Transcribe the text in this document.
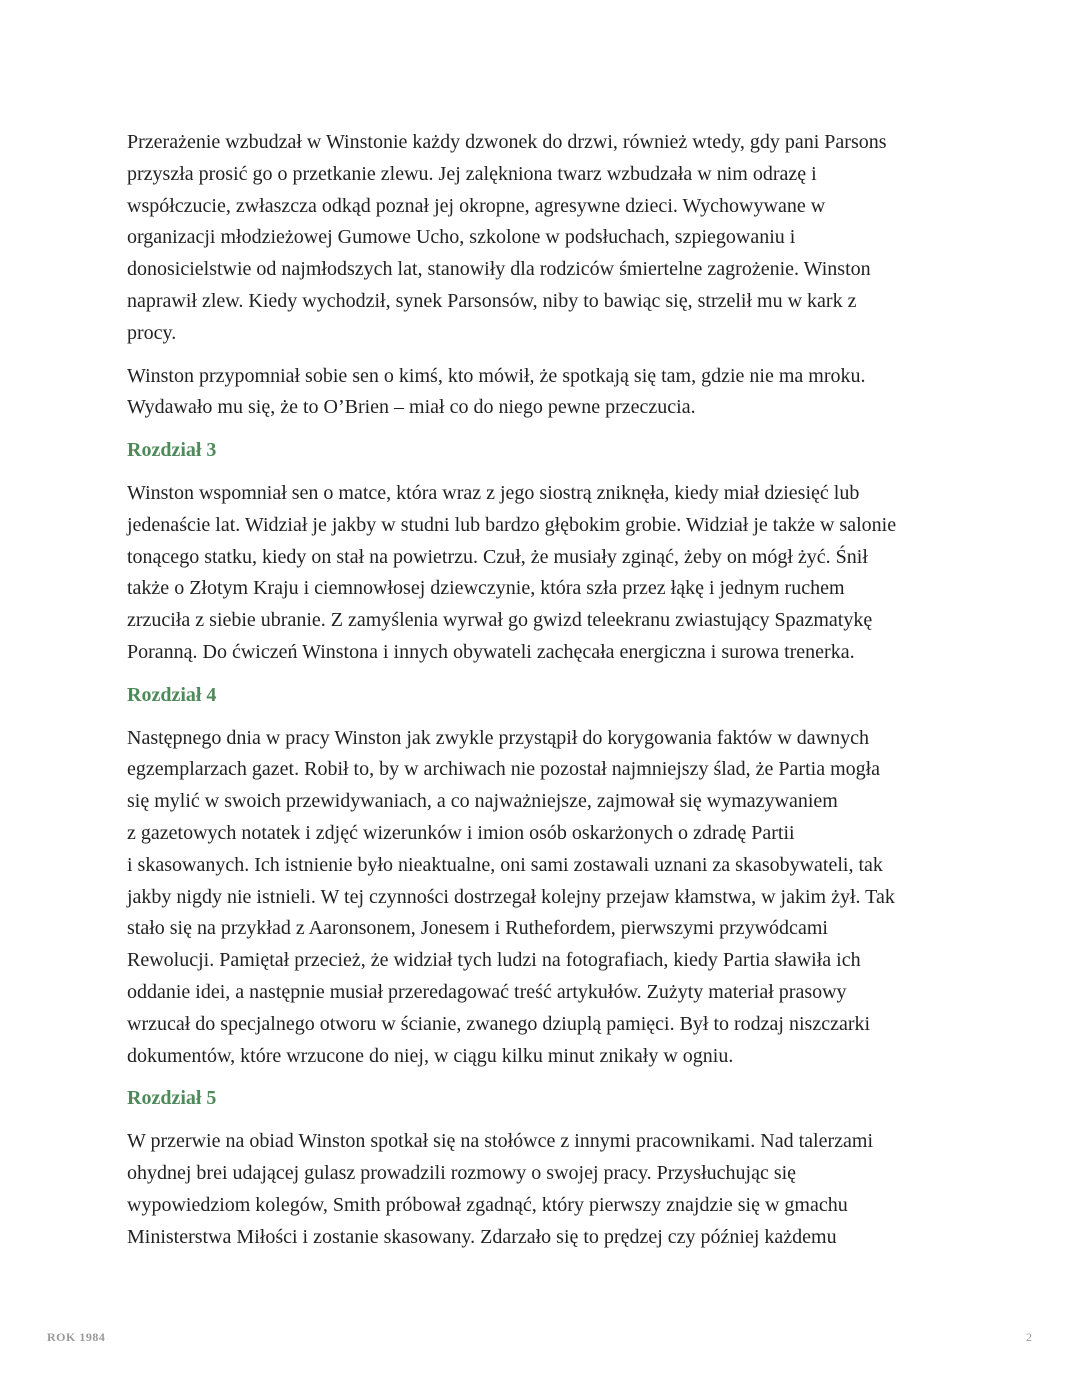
Przerażenie wzbudzał w Winstonie każdy dzwonek do drzwi, również wtedy, gdy pani Parsons
przyszła prosić go o przetkanie zlewu. Jej zalękniona twarz wzbudzała w nim odrazę i
współczucie, zwłaszcza odkąd poznał jej okropne, agresywne dzieci. Wychowywane w
organizacji młodzieżowej Gumowe Ucho, szkolone w podsłuchach, szpiegowaniu i
donosicielstwie od najmłodszych lat, stanowiły dla rodziców śmiertelne zagrożenie. Winston
naprawił zlew. Kiedy wychodził, synek Parsonsów, niby to bawiąc się, strzelił mu w kark z
procy.

Winston przypomniał sobie sen o kimś, kto mówił, że spotkają się tam, gdzie nie ma mroku.
Wydawało mu się, że to O’Brien – miał co do niego pewne przeczucia.

Rozdział 3

Winston wspomniał sen o matce, która wraz z jego siostrą zniknęła, kiedy miał dziesięć lub
jedenaście lat. Widział je jakby w studni lub bardzo głębokim grobie. Widział je także w salonie
tonącego statku, kiedy on stał na powietrzu. Czuł, że musiały zginąć, żeby on mógł żyć. Śnił
także o Złotym Kraju i ciemnowłosej dziewczynie, która szła przez łąkę i jednym ruchem
zrzuciła z siebie ubranie. Z zamyślenia wyrwał go gwizd teleekranu zwiastujący Spazmatykę
Poranną. Do ćwiczeń Winstona i innych obywateli zachęcała energiczna i surowa trenerka.

Rozdział 4

Następnego dnia w pracy Winston jak zwykle przystąpił do korygowania faktów w dawnych
egzemplarzach gazet. Robił to, by w archiwach nie pozostał najmniejszy ślad, że Partia mogła
się mylić w swoich przewidywaniach, a co najważniejsze, zajmował się wymazywaniem
z gazetowych notatek i zdjęć wizerunków i imion osób oskarżonych o zdradę Partii
i skasowanych. Ich istnienie było nieaktualne, oni sami zostawali uznani za skasobywateli, tak
jakby nigdy nie istnieli. W tej czynności dostrzegał kolejny przejaw kłamstwa, w jakim żył. Tak
stało się na przykład z Aaronsonem, Jonesem i Ruthefordem, pierwszymi przywódcami
Rewolucji. Pamiętał przecież, że widział tych ludzi na fotografiach, kiedy Partia sławiła ich
oddanie idei, a następnie musiał przeredagować treść artykułów. Zużyty materiał prasowy
wrzucał do specjalnego otworu w ścianie, zwanego dziuplą pamięci. Był to rodzaj niszczarki
dokumentów, które wrzucone do niej, w ciągu kilku minut znikały w ogniu.

Rozdział 5

W przerwie na obiad Winston spotkał się na stołówce z innymi pracownikami. Nad talerzami
ohydnej brei udającej gulasz prowadzili rozmowy o swojej pracy. Przysłuchując się
wypowiedziom kolegów, Smith próbował zgadnąć, który pierwszy znajdzie się w gmachu
Ministerstwa Miłości i zostanie skasowany. Zdarzało się to prędzej czy później każdemu

ROK 1984	2
